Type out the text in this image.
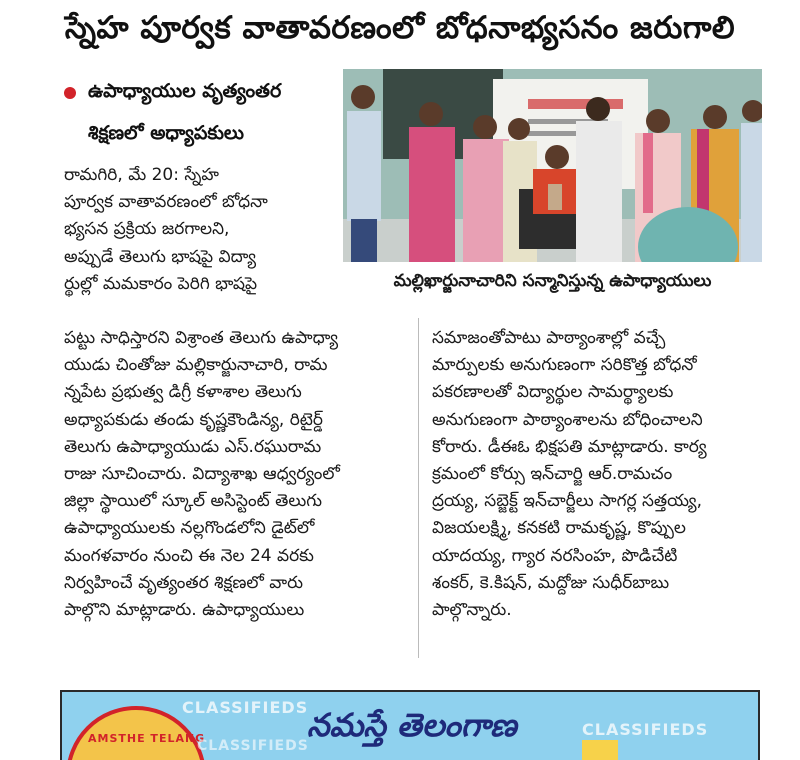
స్నేహ పూర్వక వాతావరణంలో బోధనాభ్యసనం జరుగాలి
ఉపాధ్యాయుల వృత్యంతర
శిక్షణలో అధ్యాపకులు
మల్లిఖార్జునాచారిని సన్మానిస్తున్న ఉపాధ్యాయులు
రామగిరి, మే 20: స్నేహ
పూర్వక వాతావరణంలో బోధనా
భ్యసన ప్రక్రియ జరగాలని,
అప్పుడే తెలుగు భాషపై విద్యా
ర్థుల్లో మమకారం పెరిగి భాషపై
పట్టు సాధిస్తారని విశ్రాంత తెలుగు ఉపాధ్యా
యుడు చింతోజు మల్లికార్జునాచారి, రామ
న్నపేట ప్రభుత్వ డిగ్రీ కళాశాల తెలుగు
అధ్యాపకుడు తండు కృష్ణకౌండిన్య, రిటైర్డ్
తెలుగు ఉపాధ్యాయుడు ఎస్.రఘురామ
రాజు సూచించారు. విద్యాశాఖ ఆధ్వర్యంలో
జిల్లా స్థాయిలో స్కూల్ అసిస్టెంట్ తెలుగు
ఉపాధ్యాయులకు నల్లగొండలోని డైట్‌లో
మంగళవారం నుంచి ఈ నెల 24 వరకు
నిర్వహించే వృత్యంతర శిక్షణలో వారు
పాల్గొని మాట్లాడారు. ఉపాధ్యాయులు
సమాజంతోపాటు పాఠ్యాంశాల్లో వచ్చే
మార్పులకు అనుగుణంగా సరికొత్త బోధనో
పకరణాలతో విద్యార్థుల సామర్థ్యాలకు
అనుగుణంగా పాఠ్యాంశాలను బోధించాలని
కోరారు. డీఈఓ భిక్షపతి మాట్లాడారు. కార్య
క్రమంలో కోర్సు ఇన్‌చార్జి ఆర్.రామచం
ద్రయ్య, సబ్జెక్ట్ ఇన్‌చార్జీలు సాగర్ల సత్తయ్య,
విజయలక్ష్మి, కనకటి రామకృష్ణ, కొప్పుల
యాదయ్య, గ్యార నరసింహ, పొడిచేటి
శంకర్, కె.కిషన్, మద్దోజు సుధీర్‌బాబు
పాల్గొన్నారు.
AMSTHE TELANG
CLASSIFIEDS
CLASSIFIEDS
CLASSIFIEDS
నమస్తే తెలంగాణ
